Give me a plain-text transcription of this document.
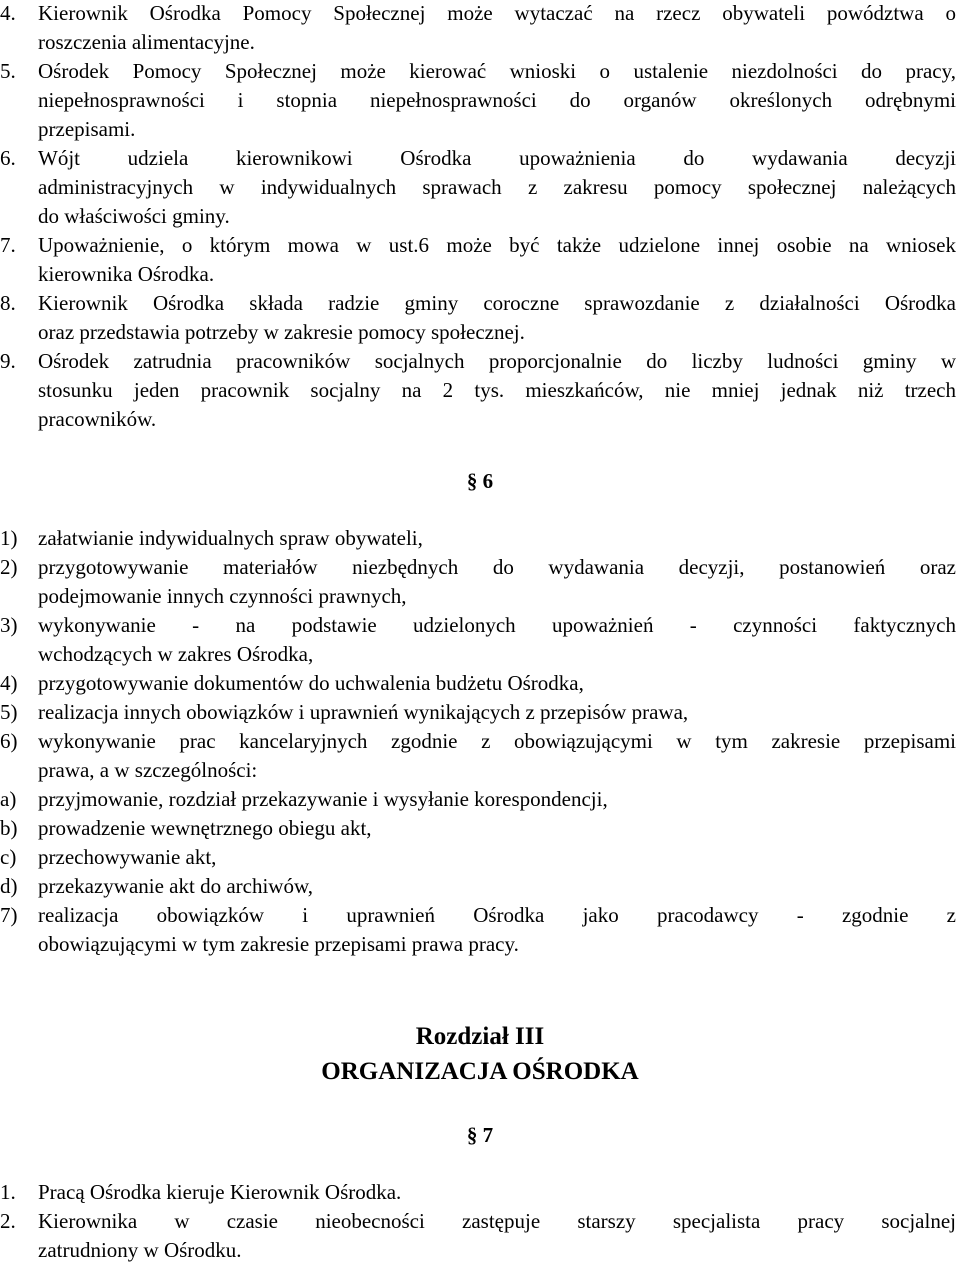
4. Kierownik Ośrodka Pomocy Społecznej może wytaczać na rzecz obywateli powództwa o
roszczenia alimentacyjne.
5. Ośrodek Pomocy Społecznej może kierować wnioski o ustalenie niezdolności do pracy,
niepełnosprawności i stopnia niepełnosprawności do organów określonych odrębnymi
przepisami.
6. Wójt udziela kierownikowi Ośrodka upoważnienia do wydawania decyzji
administracyjnych w indywidualnych sprawach z zakresu pomocy społecznej należących
do właściwości gminy.
7. Upoważnienie, o którym mowa w ust.6 może być także udzielone innej osobie na wniosek
kierownika Ośrodka.
8. Kierownik Ośrodka składa radzie gminy coroczne sprawozdanie z działalności Ośrodka
oraz przedstawia potrzeby w zakresie pomocy społecznej.
9. Ośrodek zatrudnia pracowników socjalnych proporcjonalnie do liczby ludności gminy w
stosunku jeden pracownik socjalny na 2 tys. mieszkańców, nie mniej jednak niż trzech
pracowników.
§ 6
1) załatwianie indywidualnych spraw obywateli,
2) przygotowywanie materiałów niezbędnych do wydawania decyzji, postanowień oraz
podejmowanie innych czynności prawnych,
3) wykonywanie - na podstawie udzielonych upoważnień - czynności faktycznych
wchodzących w zakres Ośrodka,
4) przygotowywanie dokumentów do uchwalenia budżetu Ośrodka,
5) realizacja innych obowiązków i uprawnień wynikających z przepisów prawa,
6) wykonywanie prac kancelaryjnych zgodnie z obowiązującymi w tym zakresie przepisami
prawa, a w szczególności:
a) przyjmowanie, rozdział przekazywanie i wysyłanie korespondencji,
b) prowadzenie wewnętrznego obiegu akt,
c) przechowywanie akt,
d) przekazywanie akt do archiwów,
7) realizacja obowiązków i uprawnień Ośrodka jako pracodawcy - zgodnie z
obowiązującymi w tym zakresie przepisami prawa pracy.
Rozdział III
ORGANIZACJA OŚRODKA
§ 7
1. Pracą Ośrodka kieruje Kierownik Ośrodka.
2. Kierownika w czasie nieobecności zastępuje starszy specjalista pracy socjalnej
zatrudniony w Ośrodku.
